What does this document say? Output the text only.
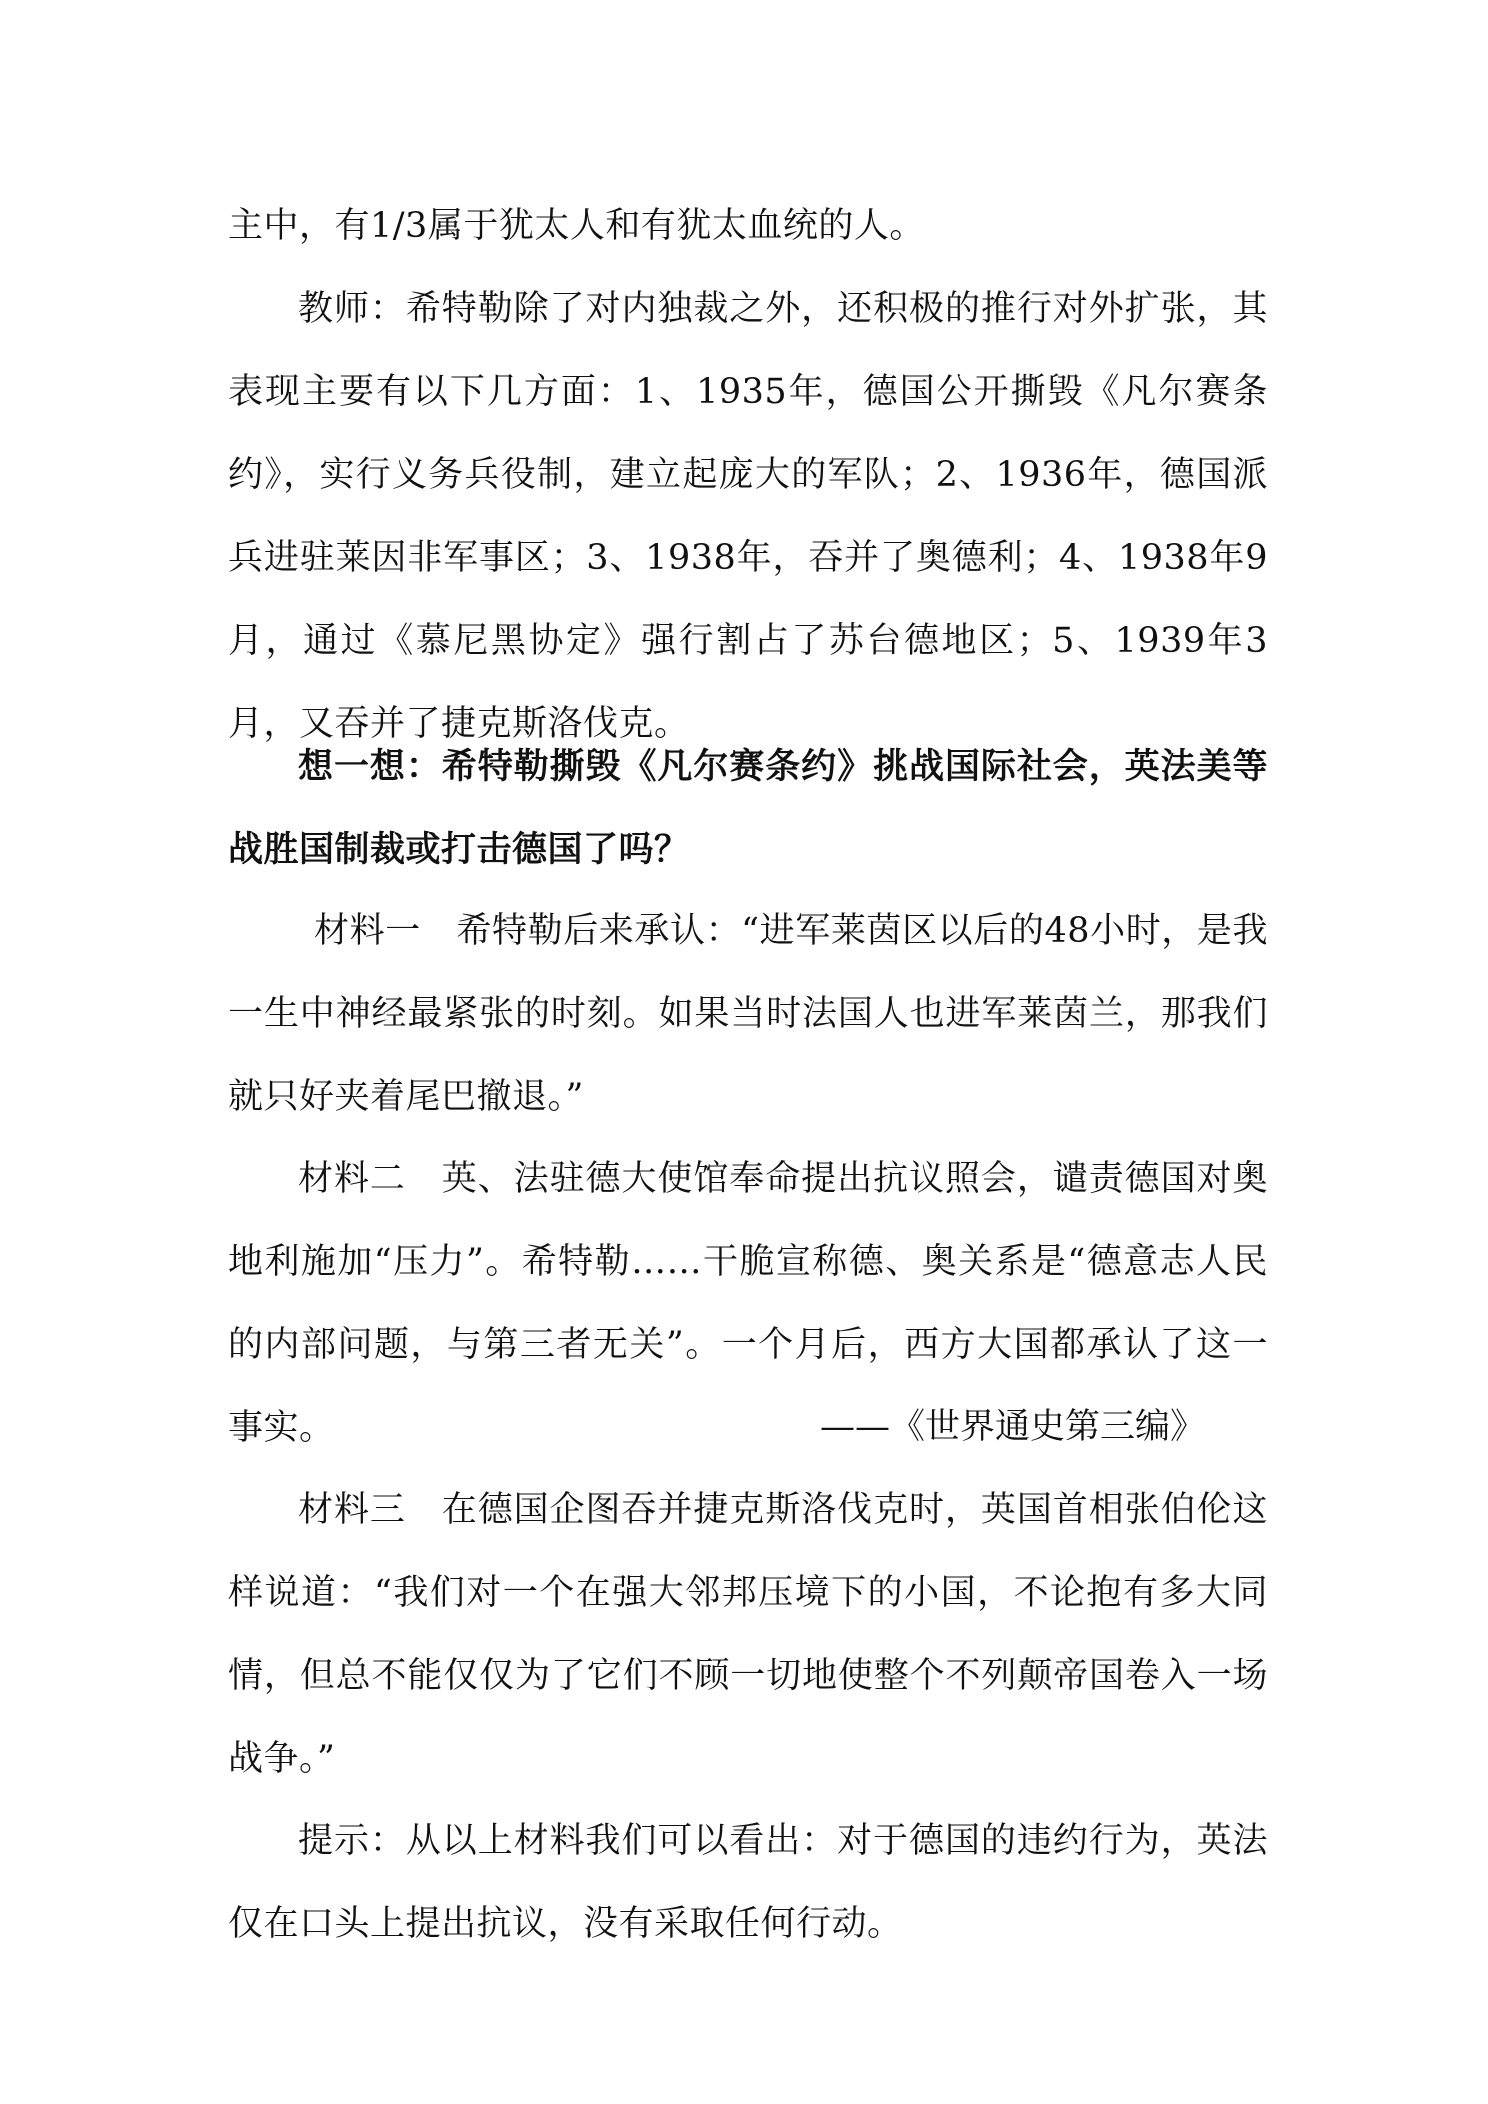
主中，有1/3属于犹太人和有犹太血统的人。

教师：希特勒除了对内独裁之外，还积极的推行对外扩张，其表现主要有以下几方面：1、1935年，德国公开撕毁《凡尔赛条约》，实行义务兵役制，建立起庞大的军队；2、1936年，德国派兵进驻莱因非军事区；3、1938年，吞并了奥德利；4、1938年9月，通过《慕尼黑协定》强行割占了苏台德地区；5、1939年3月，又吞并了捷克斯洛伐克。

想一想：希特勒撕毁《凡尔赛条约》挑战国际社会，英法美等战胜国制裁或打击德国了吗？

材料一　希特勒后来承认：“进军莱茵区以后的48小时，是我一生中神经最紧张的时刻。如果当时法国人也进军莱茵兰，那我们就只好夹着尾巴撤退。”

材料二　英、法驻德大使馆奉命提出抗议照会，谴责德国对奥地利施加“压力”。希特勒……干脆宣称德、奥关系是“德意志人民的内部问题，与第三者无关”。一个月后，西方大国都承认了这一事实。	——《世界通史第三编》

材料三　在德国企图吞并捷克斯洛伐克时，英国首相张伯伦这样说道：“我们对一个在强大邻邦压境下的小国，不论抱有多大同情，但总不能仅仅为了它们不顾一切地使整个不列颠帝国卷入一场战争。”

提示：从以上材料我们可以看出：对于德国的违约行为，英法仅在口头上提出抗议，没有采取任何行动。
